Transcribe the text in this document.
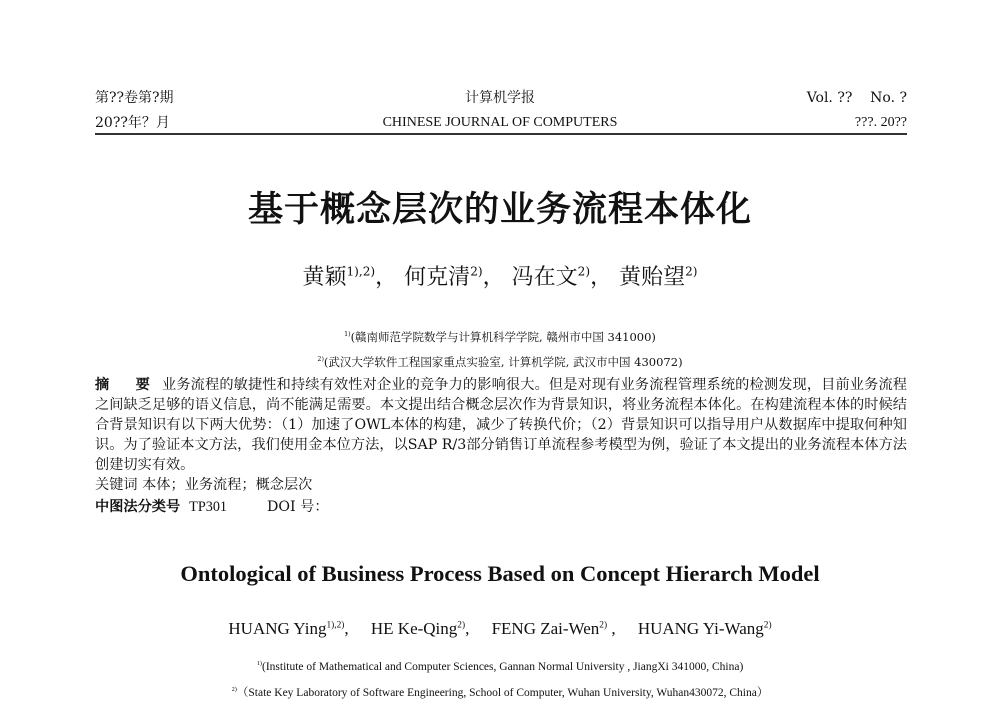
第??卷第?期	计算机学报	Vol. ??    No. ?
20??年？月	CHINESE JOURNAL OF COMPUTERS	???. 20??
基于概念层次的业务流程本体化
黄颖$^{1),2)}$， 何克清$^{2)}$， 冯在文$^{2)}$， 黄贻望$^{2)}$
$^{1)}$(赣南师范学院数学与计算机科学学院, 赣州市中国 341000)
$^{2)}$(武汉大学软件工程国家重点实验室, 计算机学院, 武汉市中国 430072)
摘　要 业务流程的敏捷性和持续有效性对企业的竞争力的影响很大。但是对现有业务流程管理系统的检测发现，目前业务流程之间缺乏足够的语义信息，尚不能满足需要。本文提出结合概念层次作为背景知识，将业务流程本体化。在构建流程本体的时候结合背景知识有以下两大优势：（1）加速了OWL本体的构建，减少了转换代价；（2）背景知识可以指导用户从数据库中提取何种知识。为了验证本文方法，我们使用金本位方法，以SAP R/3部分销售订单流程参考模型为例，验证了本文提出的业务流程本体方法创建切实有效。
关键词 本体；业务流程；概念层次
中图法分类号 TP301	DOI 号：
Ontological of Business Process Based on Concept Hierarch Model
HUANG Ying$^{1),2)}$, HE Ke-Qing$^{2)}$, FENG Zai-Wen$^{2)}$ , HUANG Yi-Wang$^{2)}$
$^{1)}$(Institute of Mathematical and Computer Sciences, Gannan Normal University , JiangXi 341000, China)
$^{2)}$（State Key Laboratory of Software Engineering, School of Computer, Wuhan University, Wuhan430072, China）
